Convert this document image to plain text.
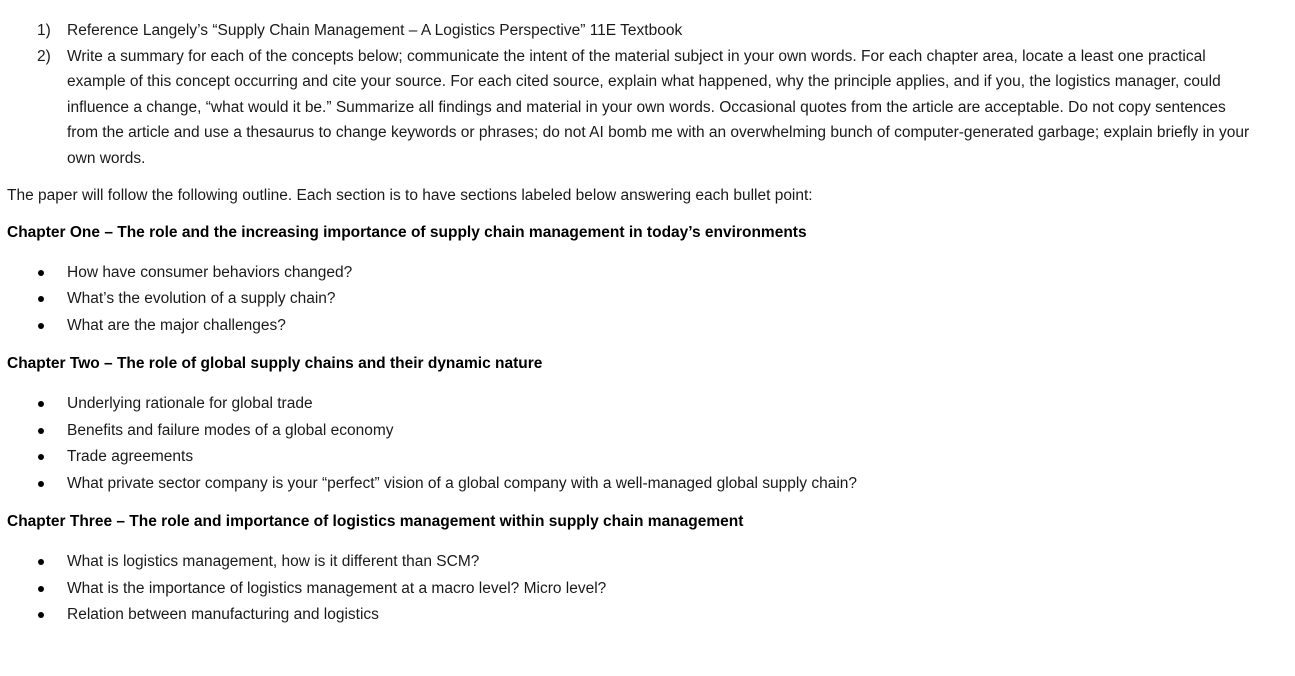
1) Reference Langely’s “Supply Chain Management – A Logistics Perspective” 11E Textbook
2) Write a summary for each of the concepts below; communicate the intent of the material subject in your own words. For each chapter area, locate a least one practical example of this concept occurring and cite your source. For each cited source, explain what happened, why the principle applies, and if you, the logistics manager, could influence a change, “what would it be.” Summarize all findings and material in your own words. Occasional quotes from the article are acceptable. Do not copy sentences from the article and use a thesaurus to change keywords or phrases; do not AI bomb me with an overwhelming bunch of computer-generated garbage; explain briefly in your own words.

The paper will follow the following outline. Each section is to have sections labeled below answering each bullet point:

Chapter One – The role and the increasing importance of supply chain management in today’s environments

How have consumer behaviors changed?
What’s the evolution of a supply chain?
What are the major challenges?

Chapter Two – The role of global supply chains and their dynamic nature

Underlying rationale for global trade
Benefits and failure modes of a global economy
Trade agreements
What private sector company is your “perfect” vision of a global company with a well-managed global supply chain?

Chapter Three – The role and importance of logistics management within supply chain management

What is logistics management, how is it different than SCM?
What is the importance of logistics management at a macro level? Micro level?
Relation between manufacturing and logistics
